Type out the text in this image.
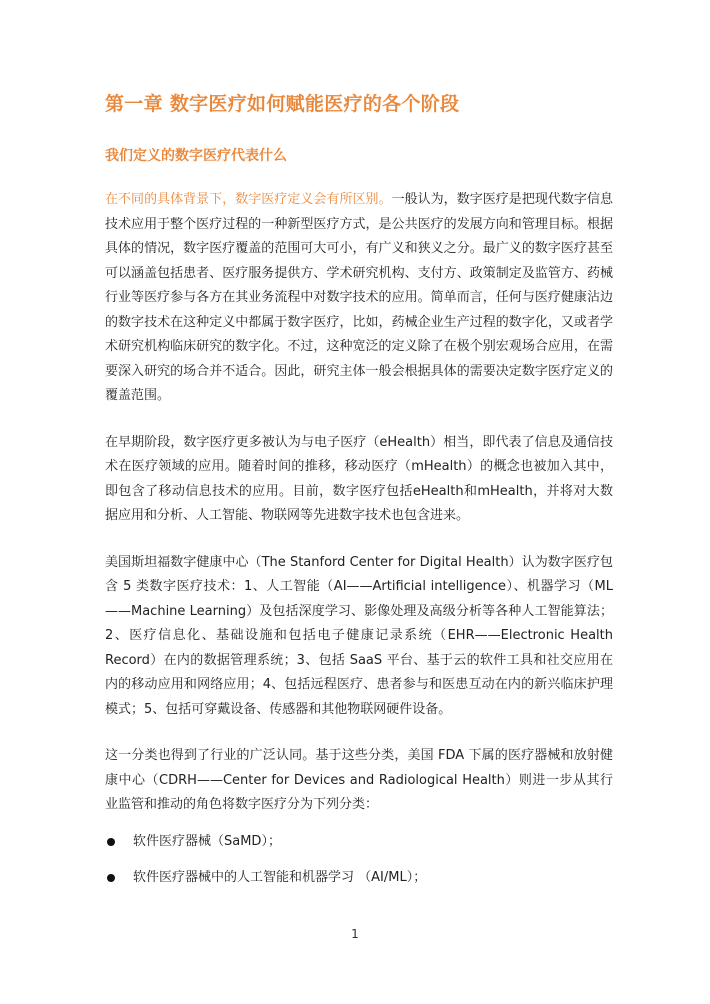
第一章 数字医疗如何赋能医疗的各个阶段
我们定义的数字医疗代表什么

在不同的具体背景下，数字医疗定义会有所区别。一般认为，数字医疗是把现代数字信息技术应用于整个医疗过程的一种新型医疗方式，是公共医疗的发展方向和管理目标。根据具体的情况，数字医疗覆盖的范围可大可小，有广义和狭义之分。最广义的数字医疗甚至可以涵盖包括患者、医疗服务提供方、学术研究机构、支付方、政策制定及监管方、药械行业等医疗参与各方在其业务流程中对数字技术的应用。简单而言，任何与医疗健康沾边的数字技术在这种定义中都属于数字医疗，比如，药械企业生产过程的数字化，又或者学术研究机构临床研究的数字化。不过，这种宽泛的定义除了在极个别宏观场合应用，在需要深入研究的场合并不适合。因此，研究主体一般会根据具体的需要决定数字医疗定义的覆盖范围。

在早期阶段，数字医疗更多被认为与电子医疗（eHealth）相当，即代表了信息及通信技术在医疗领域的应用。随着时间的推移，移动医疗（mHealth）的概念也被加入其中，即包含了移动信息技术的应用。目前，数字医疗包括eHealth和mHealth，并将对大数据应用和分析、人工智能、物联网等先进数字技术也包含进来。

美国斯坦福数字健康中心（The Stanford Center for Digital Health）认为数字医疗包含 5 类数字医疗技术：1、人工智能（AI——Artificial intelligence）、机器学习（ML——Machine Learning）及包括深度学习、影像处理及高级分析等各种人工智能算法；2、医疗信息化、基础设施和包括电子健康记录系统（EHR——Electronic Health Record）在内的数据管理系统；3、包括 SaaS 平台、基于云的软件工具和社交应用在内的移动应用和网络应用；4、包括远程医疗、患者参与和医患互动在内的新兴临床护理模式；5、包括可穿戴设备、传感器和其他物联网硬件设备。

这一分类也得到了行业的广泛认同。基于这些分类，美国 FDA 下属的医疗器械和放射健康中心（CDRH——Center for Devices and Radiological Health）则进一步从其行业监管和推动的角色将数字医疗分为下列分类：

软件医疗器械（SaMD）；
软件医疗器械中的人工智能和机器学习 （AI/ML）；
1
